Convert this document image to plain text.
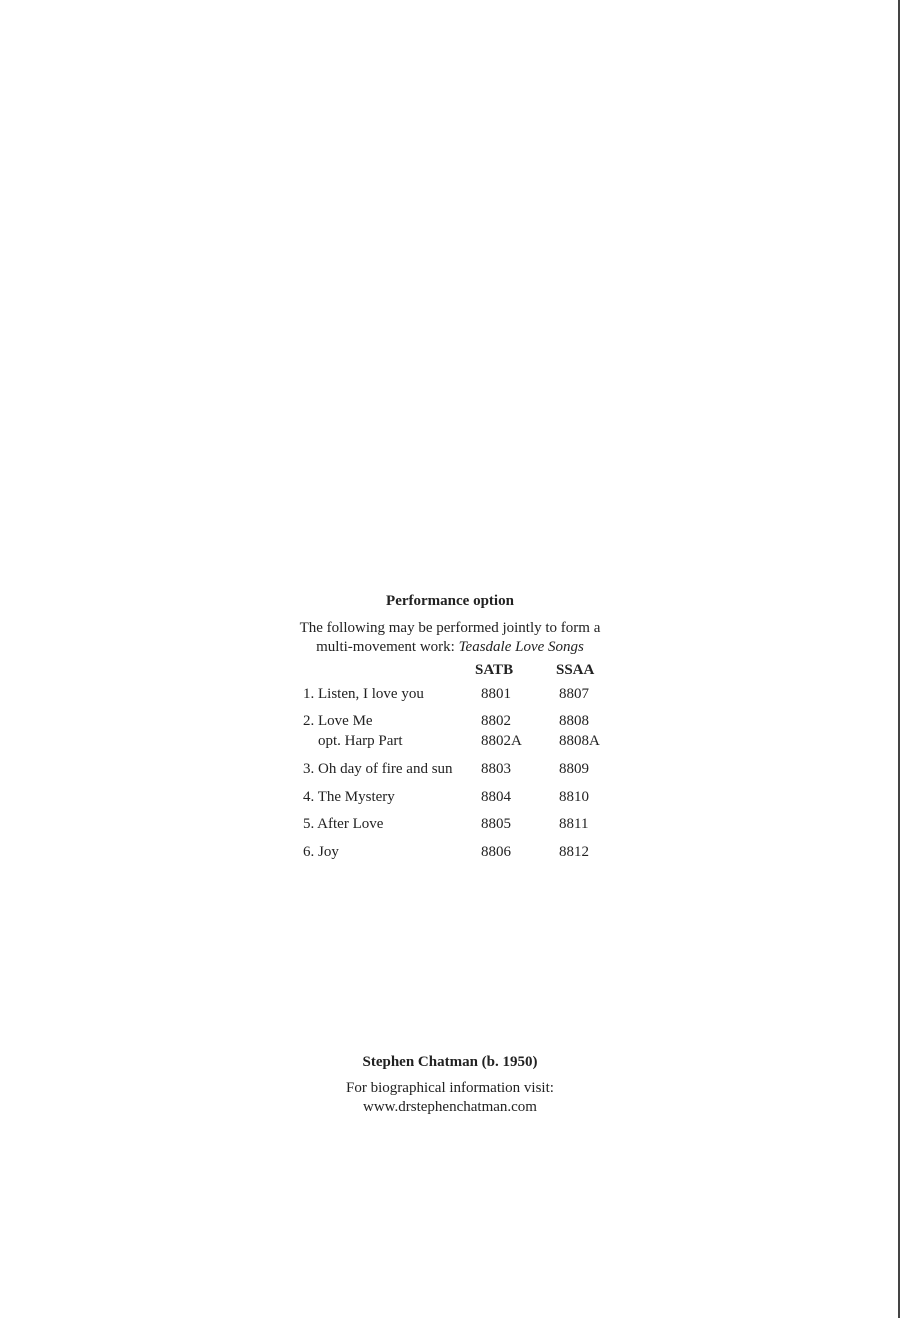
Performance option
The following may be performed jointly to form a
multi-movement work: Teasdale Love Songs
SATB	SSAA
1. Listen, I love you	8801	8807
2. Love Me	8802	8808
opt. Harp Part	8802A 8808A
3. Oh day of fire and sun 8803	8809
4. The Mystery	8804	8810
5. After Love	8805	8811
6. Joy	8806	8812
Stephen Chatman (b. 1950)
For biographical information visit:
www.drstephenchatman.com
